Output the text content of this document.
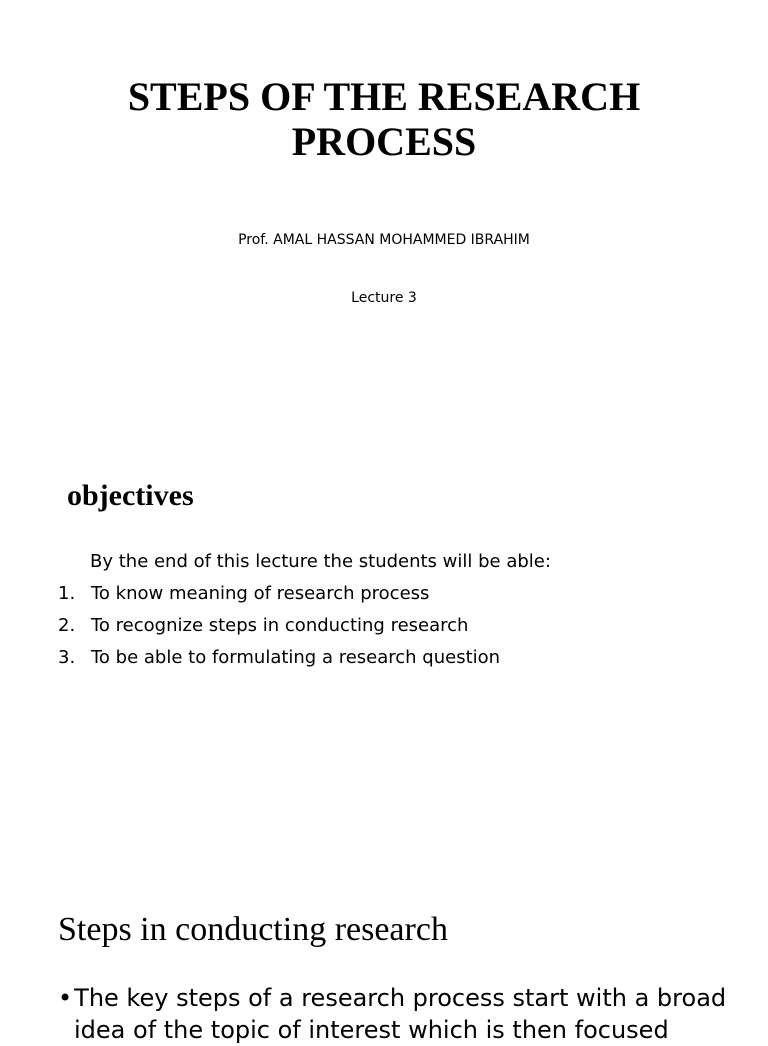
STEPS OF THE RESEARCH
PROCESS
Prof. AMAL HASSAN MOHAMMED IBRAHIM
Lecture 3
objectives
By the end of this lecture the students will be able:
1. To know meaning of research process
2. To recognize steps in conducting research
3. To be able to formulating a research question
Steps in conducting research
•The key steps of a research process start with a broad
idea of the topic of interest which is then focused
